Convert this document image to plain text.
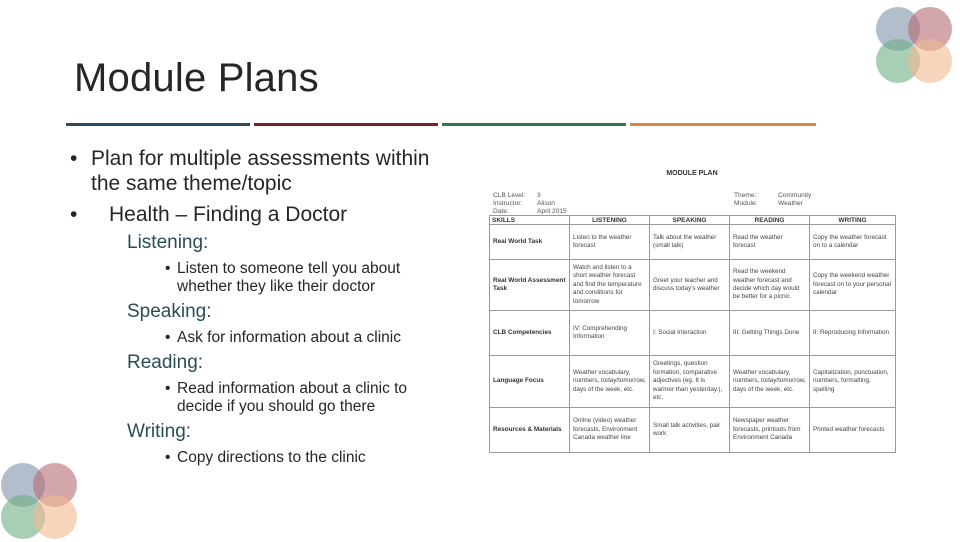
Module Plans
• Plan for multiple assessments within the same theme/topic
• Health – Finding a Doctor
Listening:
• Listen to someone tell you about whether they like their doctor
Speaking:
• Ask for information about a clinic
Reading:
• Read information about a clinic to decide if you should go there
Writing:
• Copy directions to the clinic
MODULE PLAN
CLB Level: 3
Instructor: Alison
Date:	April 2015
Theme:	Community
Module:	Weather
SKILLS	LISTENING	SPEAKING	READING	WRITING
Real World Task	Listen to the weather forecast	Talk about the weather (small talk)	Read the weather forecast	Copy the weather forecast on to a calendar
Real World Assessment Task	Watch and listen to a short weather forecast and find the temperature and conditions for tomorrow	Greet your teacher and discuss today's weather	Read the weekend weather forecast and decide which day would be better for a picnic	Copy the weekend weather forecast on to your personal calendar
CLB Competencies	IV: Comprehending Information	I: Social Interaction	III: Getting Things Done	II: Reproducing Information
Language Focus	Weather vocabulary, numbers, today/tomorrow, days of the week, etc.	Greetings, question formation, comparative adjectives (eg. It is warmer than yesterday.), etc.	Weather vocabulary, numbers, today/tomorrow, days of the week, etc.	Capitalization, punctuation, numbers, formatting, spelling
Resources & Materials	Online (video) weather forecasts, Environment Canada weather line	Small talk activities, pair work	Newspaper weather forecasts, printouts from Environment Canada	Printed weather forecasts
